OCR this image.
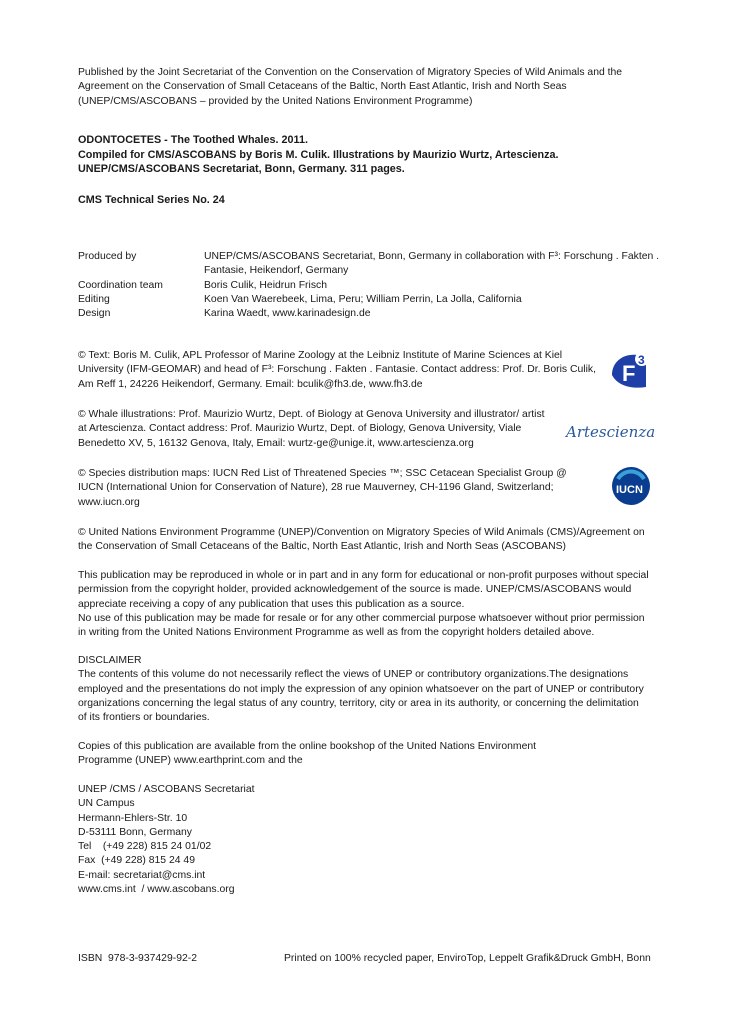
Published by the Joint Secretariat of the Convention on the Conservation of Migratory Species of Wild Animals and the Agreement on the Conservation of Small Cetaceans of the Baltic, North East Atlantic, Irish and North Seas (UNEP/CMS/ASCOBANS – provided by the United Nations Environment Programme)

ODONTOCETES - The Toothed Whales. 2011.

Compiled for CMS/ASCOBANS by Boris M. Culik. Illustrations by Maurizio Wurtz, Artescienza.

UNEP/CMS/ASCOBANS Secretariat, Bonn, Germany. 311 pages.

CMS Technical Series No. 24

Produced by	UNEP/CMS/ASCOBANS Secretariat, Bonn, Germany in collaboration with F³: Forschung . Fakten . Fantasie, Heikendorf, Germany
Coordination team	Boris Culik, Heidrun Frisch
Editing	Koen Van Waerebeek, Lima, Peru; William Perrin, La Jolla, California
Design	Karina Waedt, www.karinadesign.de

© Text: Boris M. Culik, APL Professor of Marine Zoology at the Leibniz Institute of Marine Sciences at Kiel University (IFM-GEOMAR) and head of F³: Forschung . Fakten . Fantasie. Contact address: Prof. Dr. Boris Culik, Am Reff 1, 24226 Heikendorf, Germany. Email: bculik@fh3.de, www.fh3.de	F
3

© Whale illustrations: Prof. Maurizio Wurtz, Dept. of Biology at Genova University and illustrator/ artist at Artescienza. Contact address: Prof. Maurizio Wurtz, Dept. of Biology, Genova University, Viale Benedetto XV, 5, 16132 Genova, Italy, Email: wurtz-ge@unige.it, www.artescienza.org

Artescienza

© Species distribution maps: IUCN Red List of Threatened Species ™; SSC Cetacean Specialist Group @ IUCN (International Union for Conservation of Nature), 28 rue Mauverney, CH-1196 Gland, Switzerland; www.iucn.org

IUCN

© United Nations Environment Programme (UNEP)/Convention on Migratory Species of Wild Animals (CMS)/Agreement on the Conservation of Small Cetaceans of the Baltic, North East Atlantic, Irish and North Seas (ASCOBANS)

This publication may be reproduced in whole or in part and in any form for educational or non-profit purposes without special permission from the copyright holder, provided acknowledgement of the source is made. UNEP/CMS/ASCOBANS would appreciate receiving a copy of any publication that uses this publication as a source.

No use of this publication may be made for resale or for any other commercial purpose whatsoever without prior permission in writing from the United Nations Environment Programme as well as from the copyright holders detailed above.

DISCLAIMER

The contents of this volume do not necessarily reflect the views of UNEP or contributory organizations.The designations employed and the presentations do not imply the expression of any opinion whatsoever on the part of UNEP or contributory organizations concerning the legal status of any country, territory, city or area in its authority, or concerning the delimitation of its frontiers or boundaries.

Copies of this publication are available from the online bookshop of the United Nations Environment Programme (UNEP) www.earthprint.com and the

UNEP /CMS / ASCOBANS Secretariat

UN Campus

Hermann-Ehlers-Str. 10

D-53111 Bonn, Germany

Tel    (+49 228) 815 24 01/02

Fax  (+49 228) 815 24 49

E-mail: secretariat@cms.int

www.cms.int  / www.ascobans.org

ISBN  978-3-937429-92-2	Printed on 100% recycled paper, EnviroTop, Leppelt Grafik&Druck GmbH, Bonn
